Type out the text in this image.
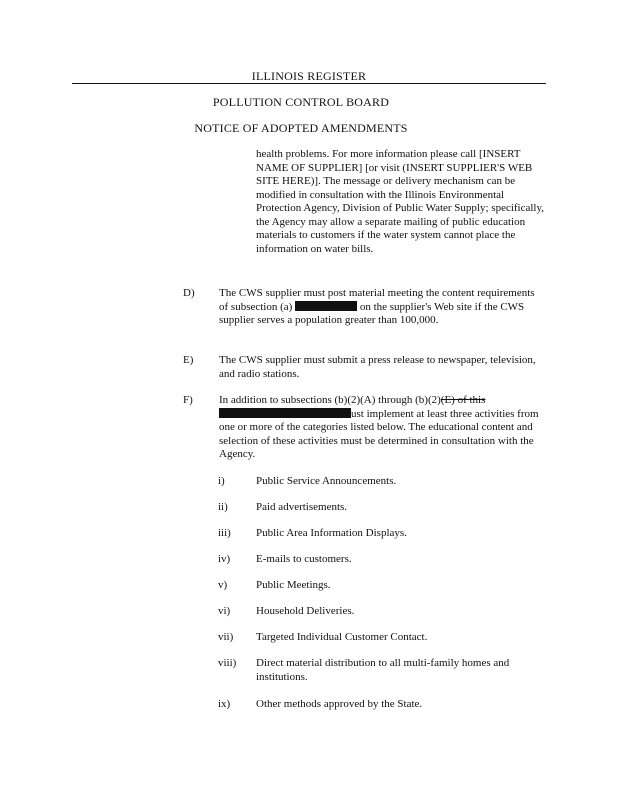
ILLINOIS REGISTER
POLLUTION CONTROL BOARD
NOTICE OF ADOPTED AMENDMENTS
health problems. For more information please call [INSERT NAME OF SUPPLIER] [or visit (INSERT SUPPLIER'S WEB SITE HERE)]. The message or delivery mechanism can be modified in consultation with the Illinois Environmental Protection Agency, Division of Public Water Supply; specifically, the Agency may allow a separate mailing of public education materials to customers if the water system cannot place the information on water bills.
D) The CWS supplier must post material meeting the content requirements of subsection (a)	on the supplier's Web site if the CWS supplier serves a population greater than 100,000.
E) The CWS supplier must submit a press release to newspaper, television, and radio stations.
F) In addition to subsections (b)(2)(A) through (b)(2)(E) of this ust implement at least three activities from one or more of the categories listed below. The educational content and selection of these activities must be determined in consultation with the Agency.
i)	Public Service Announcements.
ii)	Paid advertisements.
iii) Public Area Information Displays.
iv) E-mails to customers.
v)	Public Meetings.
vi) Household Deliveries.
vii) Targeted Individual Customer Contact.
viii) Direct material distribution to all multi-family homes and institutions.
ix) Other methods approved by the State.
